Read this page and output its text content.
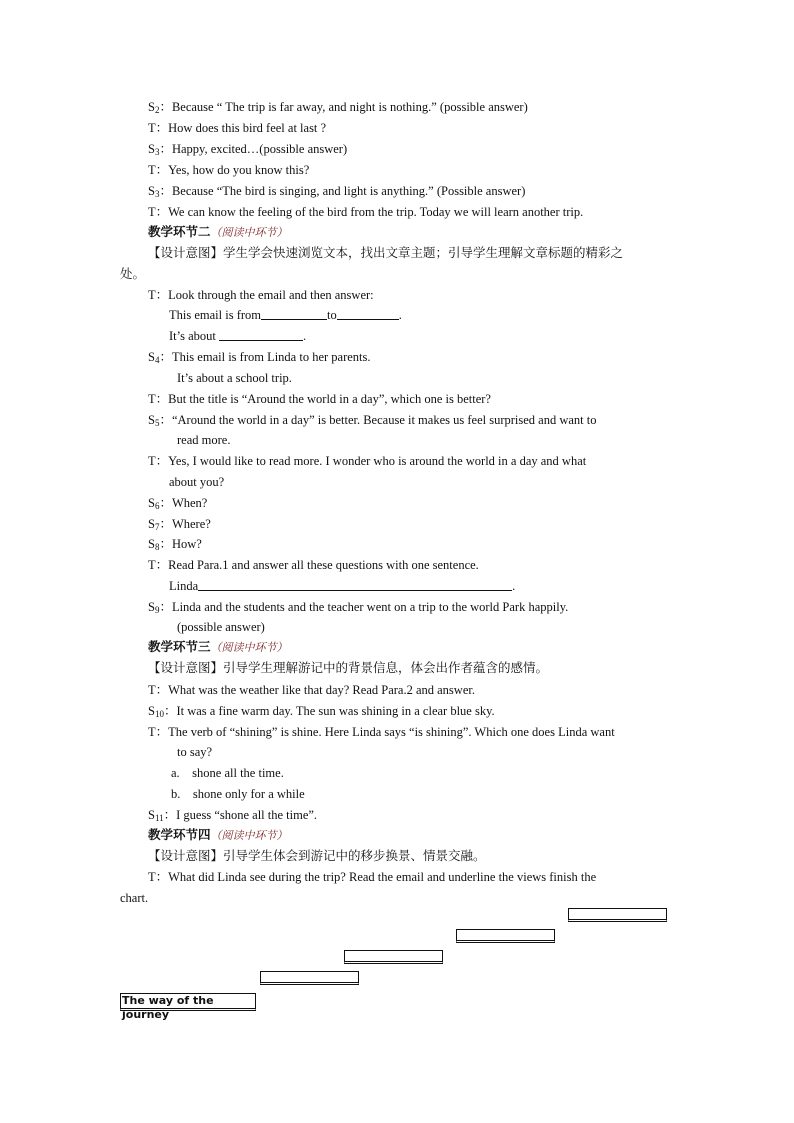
$S_2$：Because “ The trip is far away, and night is nothing.” (possible answer)
T：How does this bird feel at last ?
$S_3$：Happy, excited…(possible answer)
T：Yes, how do you know this?
$S_3$：Because “The bird is singing, and light is anything.” (Possible answer)
T：We can know the feeling of the bird from the trip. Today we will learn another trip.
教学环节二（阅读中环节）
【设计意图】学生学会快速浏览文本，找出文章主题；引导学生理解文章标题的精彩之
处。
T：Look through the email and then answer:
This email is from	to	.
It’s about	.
$S_4$：This email is from Linda to her parents.
It’s about a school trip.
T：But the title is “Around the world in a day”, which one is better?
$S_5$：“Around the world in a day” is better. Because it makes us feel surprised and want to
read more.
T：Yes, I would like to read more. I wonder who is around the world in a day and what
about you?
$S_6$：When?
$S_7$：Where?
$S_8$：How?
T：Read Para.1 and answer all these questions with one sentence.
Linda	.
$S_9$：Linda and the students and the teacher went on a trip to the world Park happily.
(possible answer)
教学环节三（阅读中环节）
【设计意图】引导学生理解游记中的背景信息，体会出作者蕴含的感情。
T：What was the weather like that day? Read Para.2 and answer.
$S_{10}$：It was a fine warm day. The sun was shining in a clear blue sky.
T：The verb of “shining” is shine. Here Linda says “is shining”. Which one does Linda want
to say?
a.    shone all the time.
b.    shone only for a while
$S_{11}$：I guess “shone all the time”.
教学环节四（阅读中环节）
【设计意图】引导学生体会到游记中的移步换景、情景交融。
T：What did Linda see during the trip? Read the email and underline the views finish the
chart.
The way of the journey
